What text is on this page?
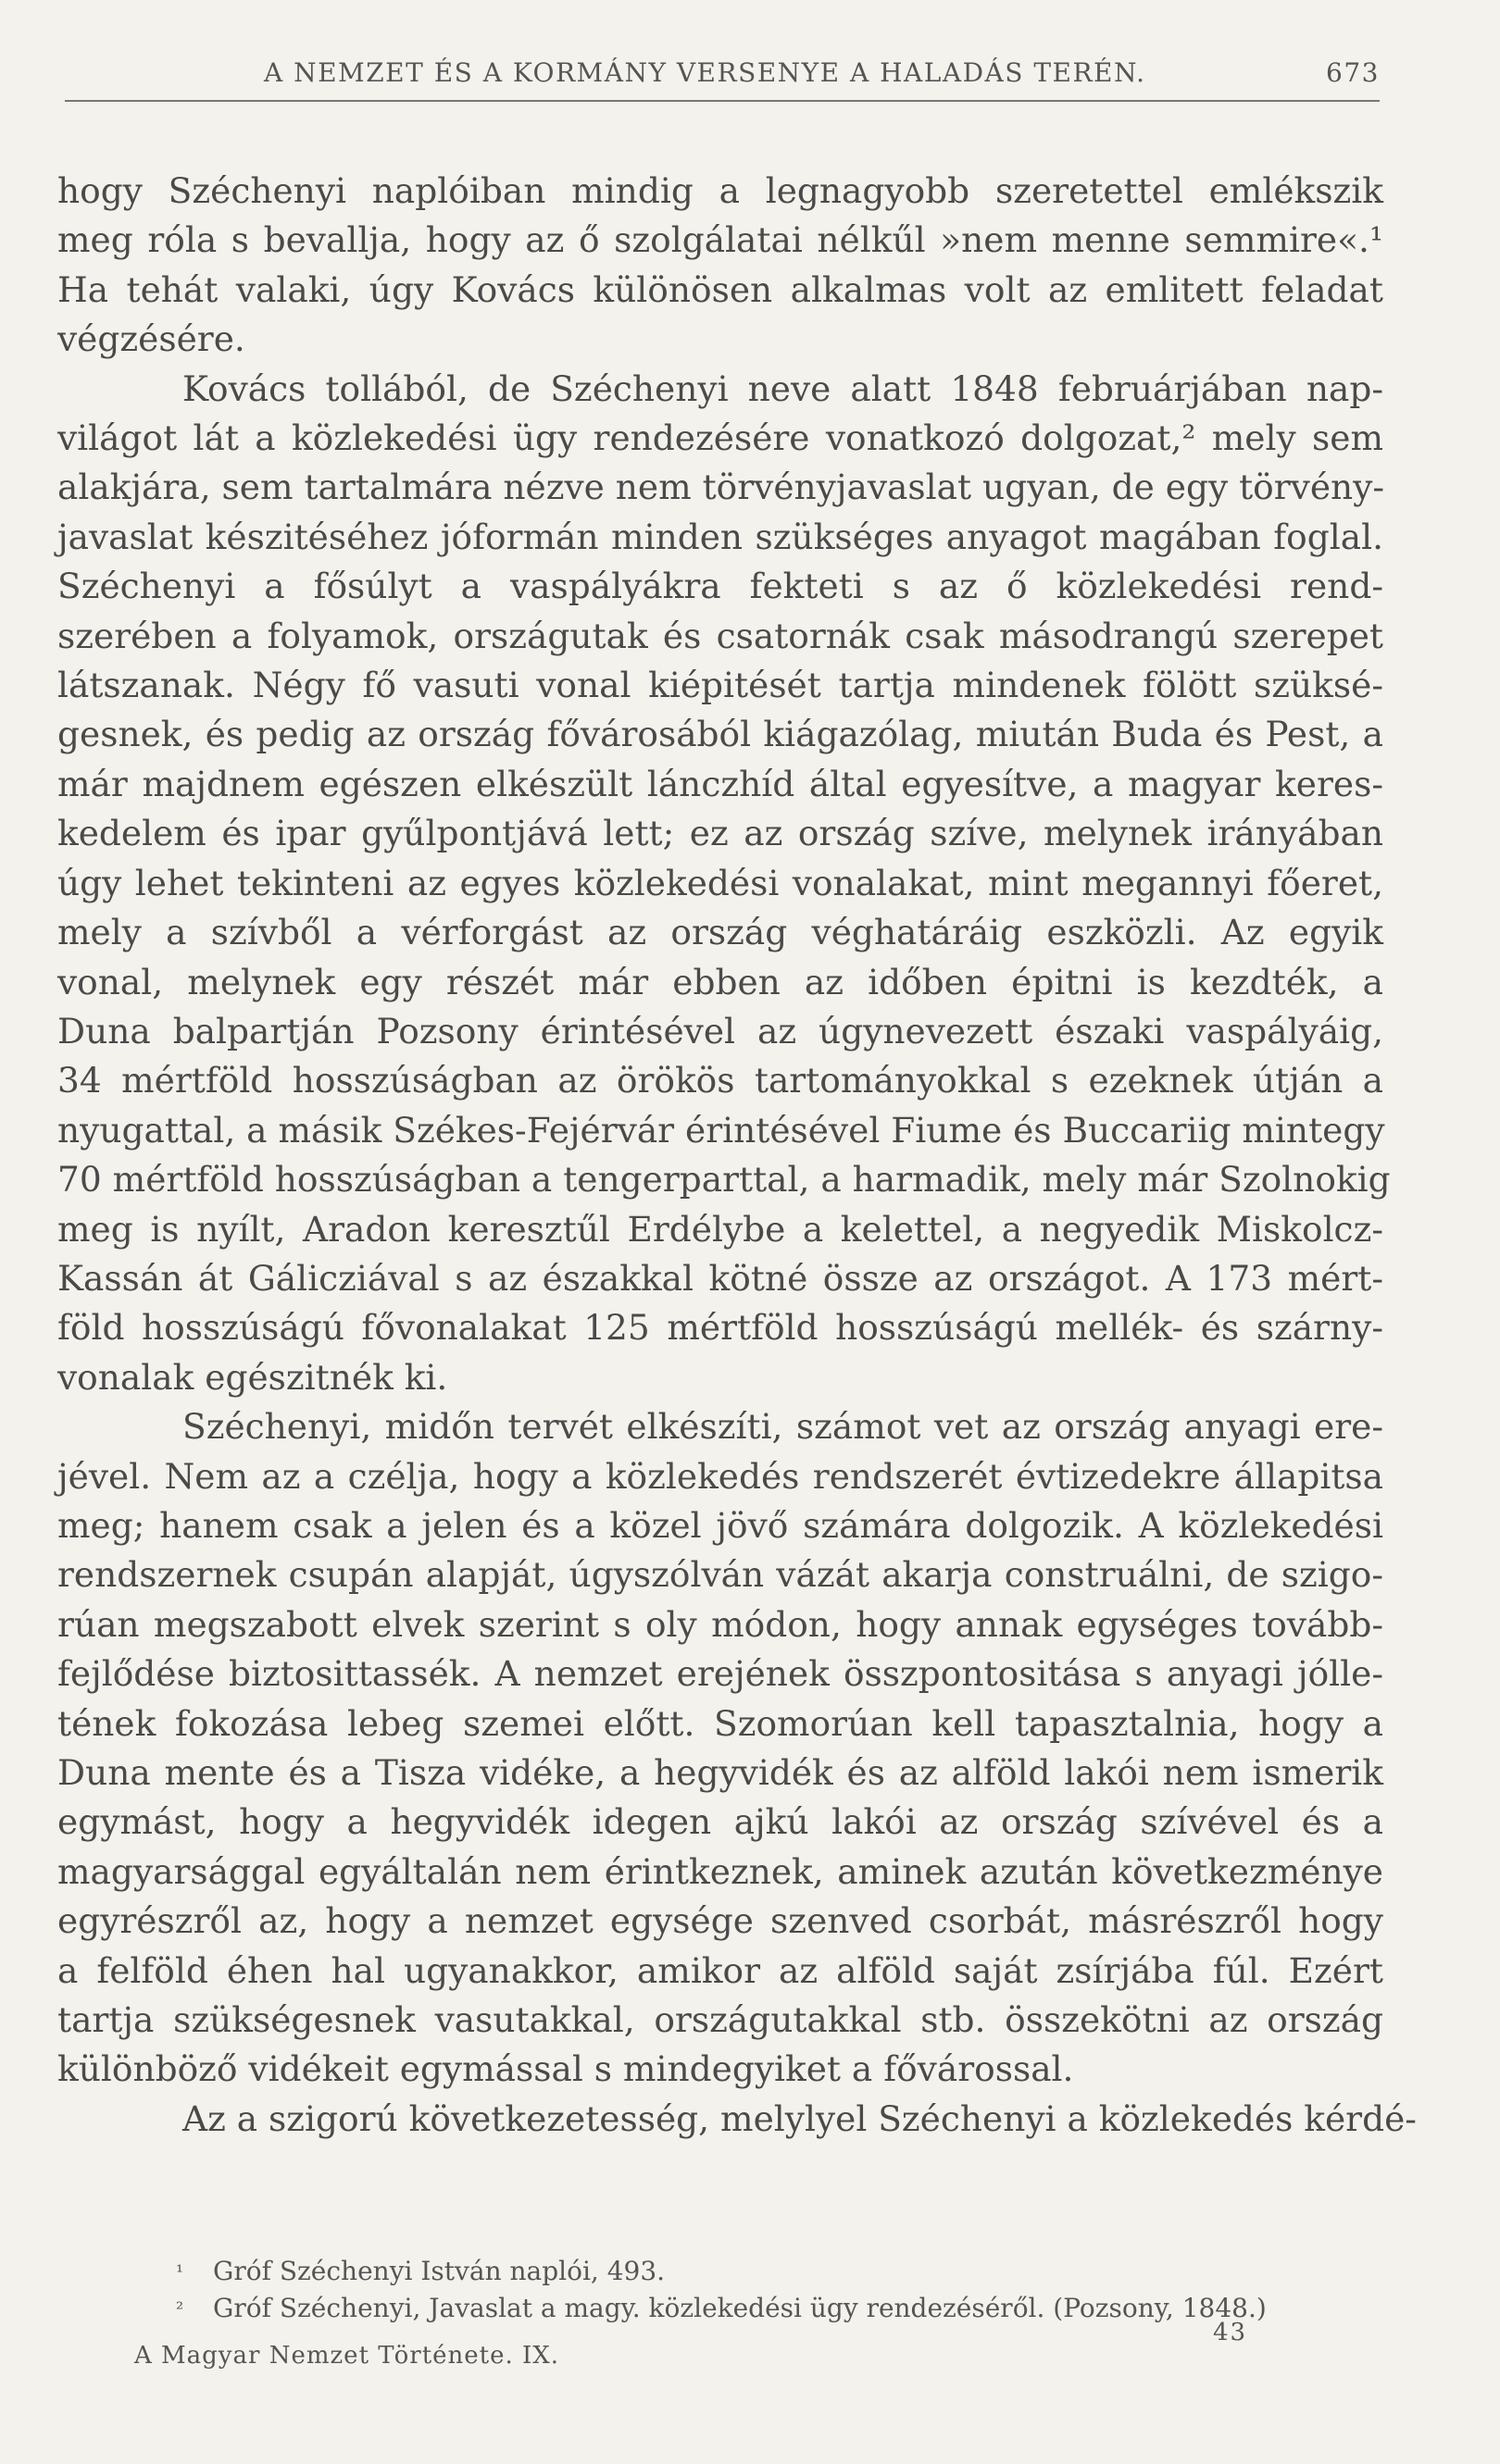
A NEMZET ÉS A KORMÁNY VERSENYE A HALADÁS TERÉN.	673
hogy Széchenyi naplóiban mindig a legnagyobb szeretettel emlékszik
meg róla s bevallja, hogy az ő szolgálatai nélkűl »nem menne semmire«.¹
Ha tehát valaki, úgy Kovács különösen alkalmas volt az emlitett feladat
végzésére.
Kovács tollából, de Széchenyi neve alatt 1848 februárjában nap-
világot lát a közlekedési ügy rendezésére vonatkozó dolgozat,² mely sem
alakjára, sem tartalmára nézve nem törvényjavaslat ugyan, de egy törvény-
javaslat készitéséhez jóformán minden szükséges anyagot magában foglal.
Széchenyi a fősúlyt a vaspályákra fekteti s az ő közlekedési rend-
szerében a folyamok, országutak és csatornák csak másodrangú szerepet
látszanak. Négy fő vasuti vonal kiépitését tartja mindenek fölött szüksé-
gesnek, és pedig az ország fővárosából kiágazólag, miután Buda és Pest, a
már majdnem egészen elkészült lánczhíd által egyesítve, a magyar keres-
kedelem és ipar gyűlpontjává lett; ez az ország szíve, melynek irányában
úgy lehet tekinteni az egyes közlekedési vonalakat, mint megannyi főeret,
mely a szívből a vérforgást az ország véghatáráig eszközli. Az egyik
vonal, melynek egy részét már ebben az időben épitni is kezdték, a
Duna balpartján Pozsony érintésével az úgynevezett északi vaspályáig,
34 mértföld hosszúságban az örökös tartományokkal s ezeknek útján a
nyugattal, a másik Székes-Fejérvár érintésével Fiume és Buccariig mintegy
70 mértföld hosszúságban a tengerparttal, a harmadik, mely már Szolnokig
meg is nyílt, Aradon keresztűl Erdélybe a kelettel, a negyedik Miskolcz-
Kassán át Gálicziával s az északkal kötné össze az országot. A 173 mért-
föld hosszúságú fővonalakat 125 mértföld hosszúságú mellék- és szárny-
vonalak egészitnék ki.
Széchenyi, midőn tervét elkészíti, számot vet az ország anyagi ere-
jével. Nem az a czélja, hogy a közlekedés rendszerét évtizedekre állapitsa
meg; hanem csak a jelen és a közel jövő számára dolgozik. A közlekedési
rendszernek csupán alapját, úgyszólván vázát akarja construálni, de szigo-
rúan megszabott elvek szerint s oly módon, hogy annak egységes tovább-
fejlődése biztosittassék. A nemzet erejének összpontositása s anyagi jólle-
tének fokozása lebeg szemei előtt. Szomorúan kell tapasztalnia, hogy a
Duna mente és a Tisza vidéke, a hegyvidék és az alföld lakói nem ismerik
egymást, hogy a hegyvidék idegen ajkú lakói az ország szívével és a
magyarsággal egyáltalán nem érintkeznek, aminek azután következménye
egyrészről az, hogy a nemzet egysége szenved csorbát, másrészről hogy
a felföld éhen hal ugyanakkor, amikor az alföld saját zsírjába fúl. Ezért
tartja szükségesnek vasutakkal, országutakkal stb. összekötni az ország
különböző vidékeit egymással s mindegyiket a fővárossal.
Az a szigorú következetesség, melylyel Széchenyi a közlekedés kérdé-
¹	Gróf Széchenyi István naplói, 493.
²	Gróf Széchenyi, Javaslat a magy. közlekedési ügy rendezéséről. (Pozsony, 1848.)
43
A Magyar Nemzet Története. IX.
